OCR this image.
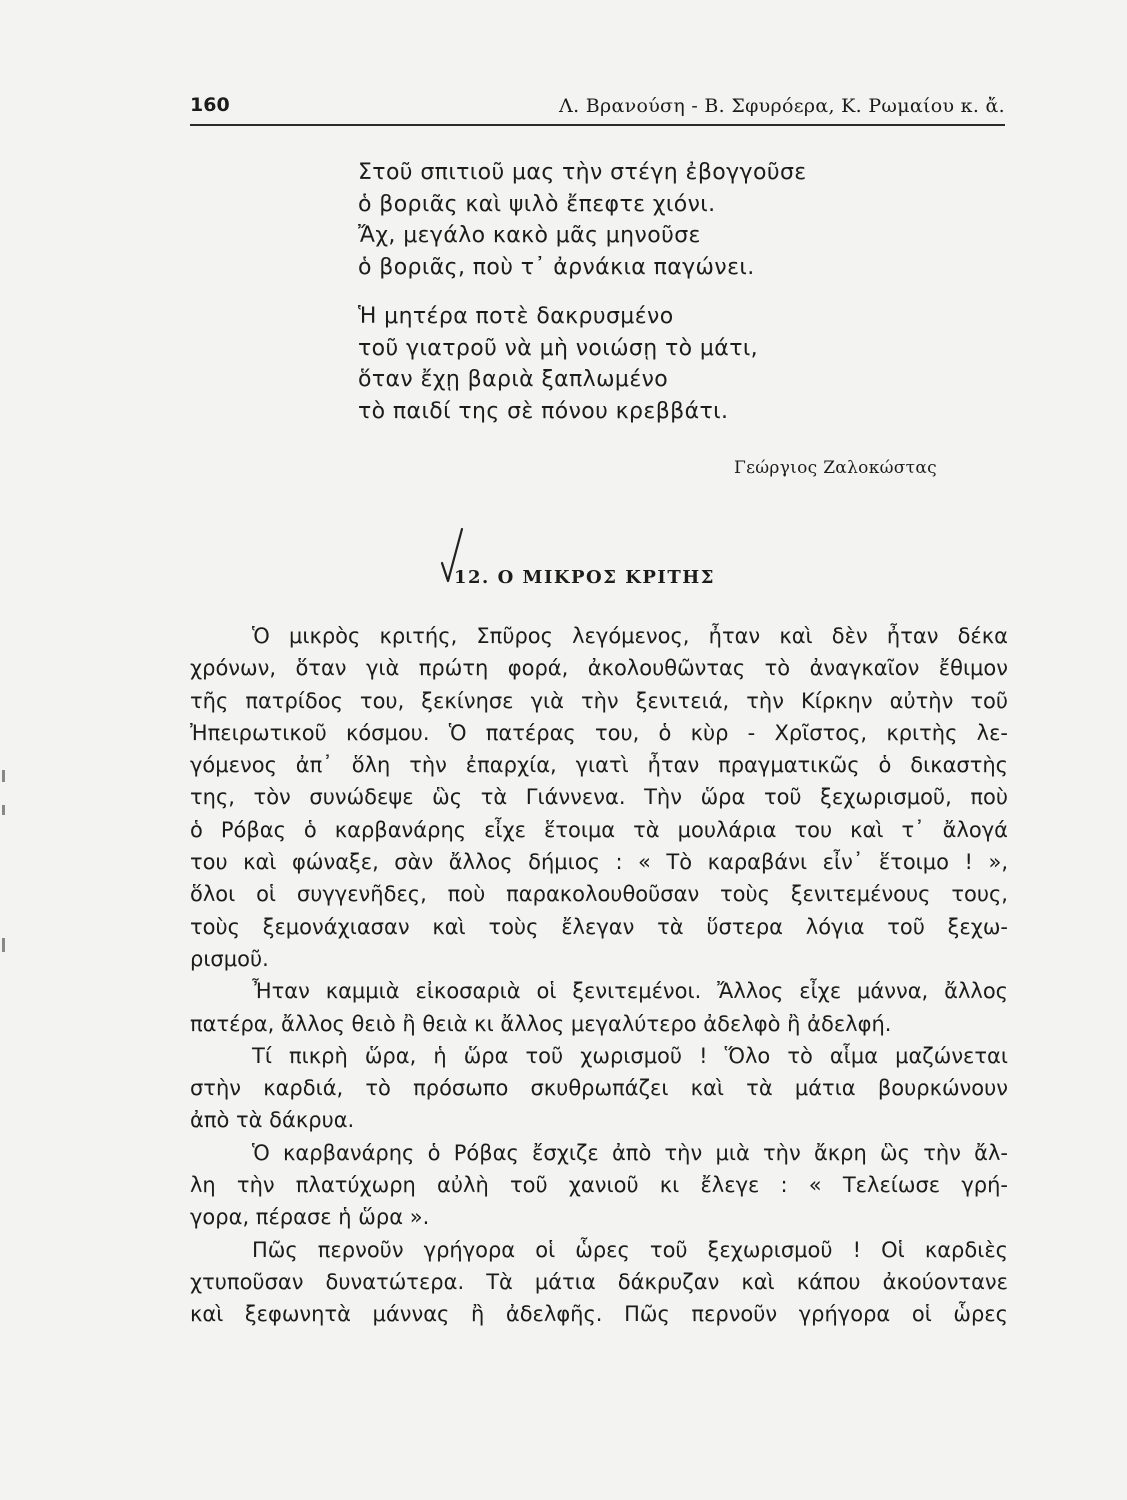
160	Λ. Βρανούση - Β. Σφυρόερα, Κ. Ρωμαίου κ. ἄ.
Στοῦ σπιτιοῦ μας τὴν στέγη ἐβογγοῦσε
ὁ βοριᾶς καὶ ψιλὸ ἔπεφτε χιόνι.
Ἄχ, μεγάλο κακὸ μᾶς μηνοῦσε
ὁ βοριᾶς, ποὺ τ᾿ ἀρνάκια παγώνει.
Ἡ μητέρα ποτὲ δακρυσμένο
τοῦ γιατροῦ νὰ μὴ νοιώσῃ τὸ μάτι,
ὅταν ἔχῃ βαριὰ ξαπλωμένο
τὸ παιδί της σὲ πόνου κρεββάτι.
Γεώργιος Ζαλοκώστας
12. Ο ΜΙΚΡΟΣ ΚΡΙΤΗΣ
Ὁ μικρὸς κριτής, Σπῦρος λεγόμενος, ἦταν καὶ δὲν ἦταν δέκα
χρόνων, ὅταν γιὰ πρώτη φορά, ἀκολουθῶντας τὸ ἀναγκαῖον ἔθιμον
τῆς πατρίδος του, ξεκίνησε γιὰ τὴν ξενιτειά, τὴν Κίρκην αὐτὴν τοῦ
Ἠπειρωτικοῦ κόσμου. Ὁ πατέρας του, ὁ κὺρ - Χρῖστος, κριτὴς λε-
γόμενος ἀπ᾿ ὅλη τὴν ἐπαρχία, γιατὶ ἦταν πραγματικῶς ὁ δικαστὴς
της, τὸν συνώδεψε ὣς τὰ Γιάννενα. Τὴν ὥρα τοῦ ξεχωρισμοῦ, ποὺ
ὁ Ρόβας ὁ καρβανάρης εἶχε ἕτοιμα τὰ μουλάρια του καὶ τ᾿ ἄλογά
του καὶ φώναξε, σὰν ἄλλος δήμιος : « Τὸ καραβάνι εἶν᾿ ἕτοιμο ! »,
ὅλοι οἱ συγγενῆδες, ποὺ παρακολουθοῦσαν τοὺς ξενιτεμένους τους,
τοὺς ξεμονάχιασαν καὶ τοὺς ἔλεγαν τὰ ὕστερα λόγια τοῦ ξεχω-
ρισμοῦ.
Ἦταν καμμιὰ εἰκοσαριὰ οἱ ξενιτεμένοι. Ἄλλος εἶχε μάννα, ἄλλος
πατέρα, ἄλλος θειὸ ἢ θειὰ κι ἄλλος μεγαλύτερο ἀδελφὸ ἢ ἀδελφή.
Τί πικρὴ ὥρα, ἡ ὥρα τοῦ χωρισμοῦ ! Ὅλο τὸ αἷμα μαζώνεται
στὴν καρδιά, τὸ πρόσωπο σκυθρωπάζει καὶ τὰ μάτια βουρκώνουν
ἀπὸ τὰ δάκρυα.
Ὁ καρβανάρης ὁ Ρόβας ἔσχιζε ἀπὸ τὴν μιὰ τὴν ἄκρη ὣς τὴν ἄλ-
λη τὴν πλατύχωρη αὐλὴ τοῦ χανιοῦ κι ἔλεγε : « Τελείωσε γρή-
γορα, πέρασε ἡ ὥρα ».
Πῶς περνοῦν γρήγορα οἱ ὧρες τοῦ ξεχωρισμοῦ ! Οἱ καρδιὲς
χτυποῦσαν δυνατώτερα. Τὰ μάτια δάκρυζαν καὶ κάπου ἀκούοντανε
καὶ ξεφωνητὰ μάννας ἢ ἀδελφῆς. Πῶς περνοῦν γρήγορα οἱ ὧρες
